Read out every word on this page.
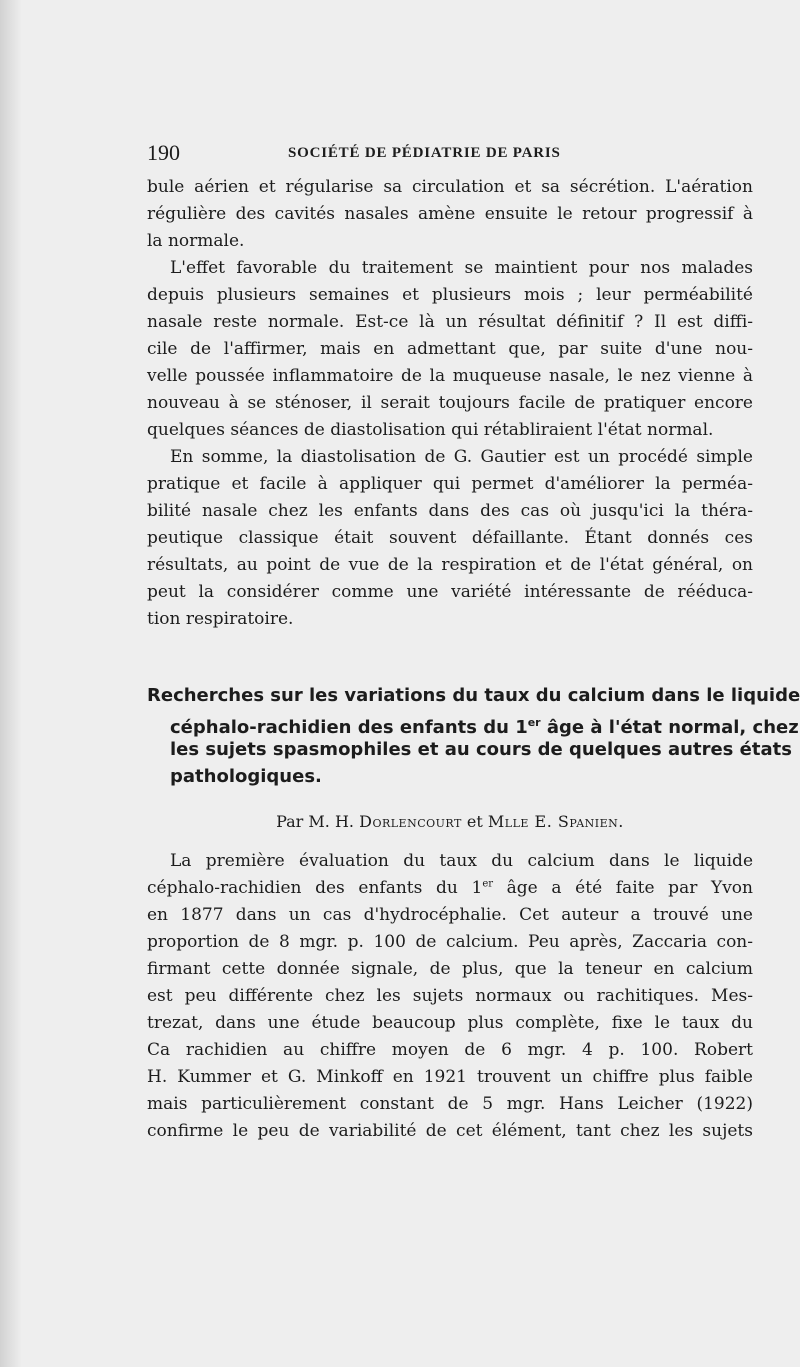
190	SOCIÉTÉ DE PÉDIATRIE DE PARIS
bule aérien et régularise sa circulation et sa sécrétion. L'aération
régulière des cavités nasales amène ensuite le retour progressif à
la normale.
L'effet favorable du traitement se maintient pour nos malades
depuis plusieurs semaines et plusieurs mois ; leur perméabilité
nasale reste normale. Est-ce là un résultat définitif ? Il est diffi-
cile de l'affirmer, mais en admettant que, par suite d'une nou-
velle poussée inflammatoire de la muqueuse nasale, le nez vienne à
nouveau à se sténoser, il serait toujours facile de pratiquer encore
quelques séances de diastolisation qui rétabliraient l'état normal.
En somme, la diastolisation de G. Gautier est un procédé simple
pratique et facile à appliquer qui permet d'améliorer la perméa-
bilité nasale chez les enfants dans des cas où jusqu'ici la théra-
peutique classique était souvent défaillante. Étant donnés ces
résultats, au point de vue de la respiration et de l'état général, on
peut la considérer comme une variété intéressante de rééduca-
tion respiratoire.
Recherches sur les variations du taux du calcium dans le liquide
céphalo-rachidien des enfants du 1er âge à l'état normal, chez
les sujets spasmophiles et au cours de quelques autres états
pathologiques.
Par M. H. Dorlencourt et Mlle E. Spanien.
La première évaluation du taux du calcium dans le liquide
céphalo-rachidien des enfants du 1er âge a été faite par Yvon
en 1877 dans un cas d'hydrocéphalie. Cet auteur a trouvé une
proportion de 8 mgr. p. 100 de calcium. Peu après, Zaccaria con-
firmant cette donnée signale, de plus, que la teneur en calcium
est peu différente chez les sujets normaux ou rachitiques. Mes-
trezat, dans une étude beaucoup plus complète, fixe le taux du
Ca rachidien au chiffre moyen de 6 mgr. 4 p. 100. Robert
H. Kummer et G. Minkoff en 1921 trouvent un chiffre plus faible
mais particulièrement constant de 5 mgr. Hans Leicher (1922)
confirme le peu de variabilité de cet élément, tant chez les sujets
